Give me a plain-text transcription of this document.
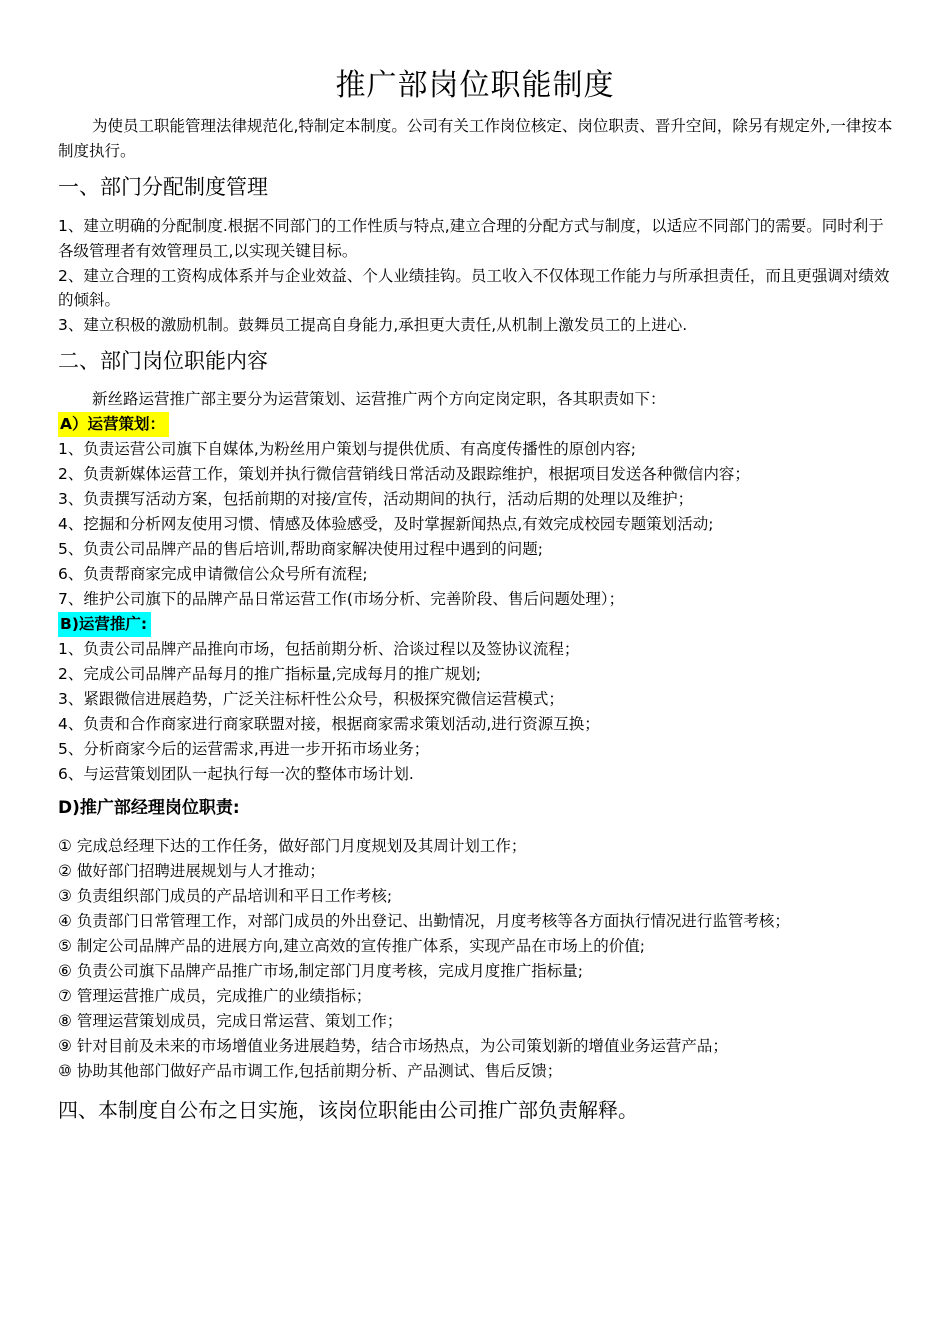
推广部岗位职能制度
为使员工职能管理法律规范化,特制定本制度。公司有关工作岗位核定、岗位职责、晋升空间，除另有规定外,一律按本制度执行。
一、部门分配制度管理
1、建立明确的分配制度.根据不同部门的工作性质与特点,建立合理的分配方式与制度，以适应不同部门的需要。同时利于各级管理者有效管理员工,以实现关键目标。
2、建立合理的工资构成体系并与企业效益、个人业绩挂钩。员工收入不仅体现工作能力与所承担责任，而且更强调对绩效的倾斜。
3、建立积极的激励机制。鼓舞员工提高自身能力,承担更大责任,从机制上激发员工的上进心.
二、部门岗位职能内容
新丝路运营推广部主要分为运营策划、运营推广两个方向定岗定职，各其职责如下：
A）运营策划：
1、负责运营公司旗下自媒体,为粉丝用户策划与提供优质、有高度传播性的原创内容;
2、负责新媒体运营工作，策划并执行微信营销线日常活动及跟踪维护，根据项目发送各种微信内容；
3、负责撰写活动方案，包括前期的对接/宣传，活动期间的执行，活动后期的处理以及维护；
4、挖掘和分析网友使用习惯、情感及体验感受，及时掌握新闻热点,有效完成校园专题策划活动;
5、负责公司品牌产品的售后培训,帮助商家解决使用过程中遇到的问题;
6、负责帮商家完成申请微信公众号所有流程;
7、维护公司旗下的品牌产品日常运营工作(市场分析、完善阶段、售后问题处理）；
B)运营推广:
1、负责公司品牌产品推向市场，包括前期分析、洽谈过程以及签协议流程；
2、完成公司品牌产品每月的推广指标量,完成每月的推广规划;
3、紧跟微信进展趋势，广泛关注标杆性公众号，积极探究微信运营模式；
4、负责和合作商家进行商家联盟对接，根据商家需求策划活动,进行资源互换；
5、分析商家今后的运营需求,再进一步开拓市场业务；
6、与运营策划团队一起执行每一次的整体市场计划.
D)推广部经理岗位职责:
① 完成总经理下达的工作任务，做好部门月度规划及其周计划工作；
② 做好部门招聘进展规划与人才推动；
③ 负责组织部门成员的产品培训和平日工作考核;
④ 负责部门日常管理工作，对部门成员的外出登记、出勤情况，月度考核等各方面执行情况进行监管考核；
⑤ 制定公司品牌产品的进展方向,建立高效的宣传推广体系，实现产品在市场上的价值;
⑥ 负责公司旗下品牌产品推广市场,制定部门月度考核，完成月度推广指标量;
⑦ 管理运营推广成员，完成推广的业绩指标；
⑧ 管理运营策划成员，完成日常运营、策划工作；
⑨ 针对目前及未来的市场增值业务进展趋势，结合市场热点，为公司策划新的增值业务运营产品；
⑩ 协助其他部门做好产品市调工作,包括前期分析、产品测试、售后反馈；
四、本制度自公布之日实施，该岗位职能由公司推广部负责解释。
